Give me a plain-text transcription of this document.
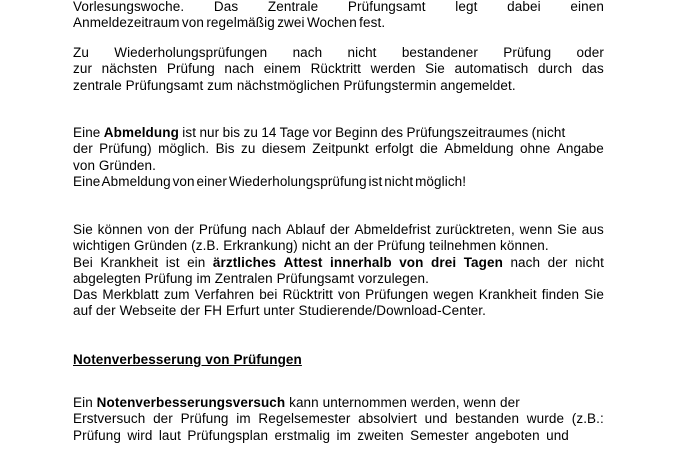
Vorlesungswoche. Das Zentrale Prüfungsamt legt dabei einen
Anmeldezeitraum von regelmäßig zwei Wochen fest.
Zu Wiederholungsprüfungen nach nicht bestandener Prüfung oder
zur nächsten Prüfung nach einem Rücktritt werden Sie automatisch durch das
zentrale Prüfungsamt zum nächstmöglichen Prüfungstermin angemeldet.
Eine Abmeldung ist nur bis zu 14 Tage vor Beginn des Prüfungszeitraumes (nicht
der Prüfung) möglich. Bis zu diesem Zeitpunkt erfolgt die Abmeldung ohne Angabe
von Gründen.
Eine Abmeldung von einer Wiederholungsprüfung ist nicht möglich!
Sie können von der Prüfung nach Ablauf der Abmeldefrist zurücktreten, wenn Sie aus
wichtigen Gründen (z.B. Erkrankung) nicht an der Prüfung teilnehmen können.
Bei Krankheit ist ein ärztliches Attest innerhalb von drei Tagen nach der nicht
abgelegten Prüfung im Zentralen Prüfungsamt vorzulegen.
Das Merkblatt zum Verfahren bei Rücktritt von Prüfungen wegen Krankheit finden Sie
auf der Webseite der FH Erfurt unter Studierende/Download-Center.
Notenverbesserung von Prüfungen
Ein Notenverbesserungsversuch kann unternommen werden, wenn der
Erstversuch der Prüfung im Regelsemester absolviert und bestanden wurde (z.B.:
Prüfung wird laut Prüfungsplan erstmalig im zweiten Semester angeboten und
